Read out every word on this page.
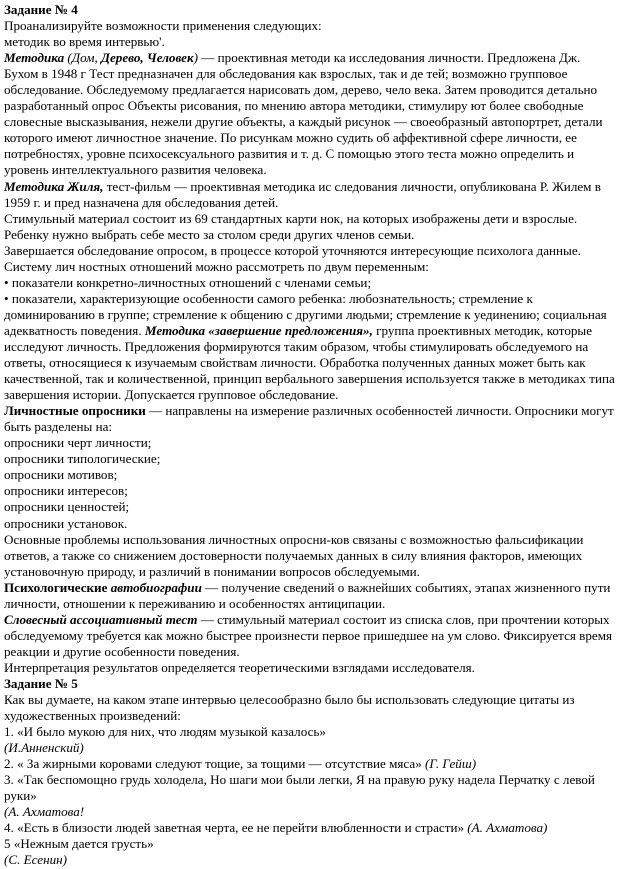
Задание № 4

Проанализируйте возможности применения следующих:

методик во время интервью'.

Методика (Дом, Дерево, Человек) — проективная методи ка исследования личности. Предложена Дж. Бухом в 1948 г Тест предназначен для обследования как взрослых, так и де тей; возможно групповое обследование. Обследуемому предлагается нарисовать дом, дерево, чело века. Затем проводится детально разработанный опрос Объекты рисования, по мнению автора методики, стимулиру ют более свободные словесные высказывания, нежели другие объекты, а каждый рисунок — своеобразный автопортрет, детали которого имеют личностное значение. По рисункам можно судить об аффективной сфере личности, ее потребностях, уровне психосексуального развития и т. д. С помощью этого теста можно определить и уровень интеллектуального развития человека.

Методика Жиля, тест-фильм — проективная методика ис следования личности, опубликована Р. Жилем в 1959 г. и пред назначена для обследования детей.

Стимульный материал состоит из 69 стандартных карти нок, на которых изображены дети и взрослые. Ребенку нужно выбрать себе место за столом среди других членов семьи.

Завершается обследование опросом, в процессе которой уточняются интересующие психолога данные.

Систему лич ностных отношений можно рассмотреть по двум переменным:

• показатели конкретно-личностных отношений с членами семьи;

• показатели, характеризующие особенности самого ребенка: любознательность; стремление к доминированию в группе; стремление к общению с другими людьми; стремление к уединению; социальная адекватность поведения. Методика «завершение предложения», группа проективных методик, которые исследуют личность. Предложения формируются таким образом, чтобы стимулировать обследуемого на ответы, относящиеся к изучаемым свойствам личности. Обработка полученных данных может быть как качественной, так и количественной, принцип вербального завершения используется также в методиках типа завершения истории. Допускается групповое обследование.

Личностные опросники — направлены на измерение различных особенностей личности. Опросники могут быть разделены на:

опросники черт личности;

опросники типологические;

опросники мотивов;

опросники интересов;

опросники ценностей;

опросники установок.

Основные проблемы использования личностных опросни-ков связаны с возможностью фальсификации ответов, а также со снижением достоверности получаемых данных в силу влияния факторов, имеющих установочную природу, и различий в понимании вопросов обследуемыми.

Психологические автобиографии — получение сведений о важнейших событиях, этапах жизненного пути личности, отношении к переживанию и особенностях антиципации.

Словесный ассоциативный тест — стимульный материал состоит из списка слов, при прочтении которых обследуемому требуется как можно быстрее произнести первое пришедшее на ум слово. Фиксируется время реакции и другие особенности поведения.

Интерпретация результатов определяется теоретическими взглядами исследователя.

Задание № 5

Как вы думаете, на каком этапе интервью целесообразно было бы использовать следующие цитаты из художественных произведений:

1. «И было мукою для них, что людям музыкой казалось»

(И.Анненский)

2. « За жирными коровами следуют тощие, за тощими — отсутствие мяса» (Г. Гейш)

3. «Так беспомощно грудь холодела, Но шаги мои были легки, Я на правую руку надела Перчатку с левой руки»

(А. Ахматова!

4. «Есть в близости людей заветная черта, ее не перейти влюбленности и страсти» (А. Ахматова)

5 «Нежным дается грусть»

(С. Есенин)
